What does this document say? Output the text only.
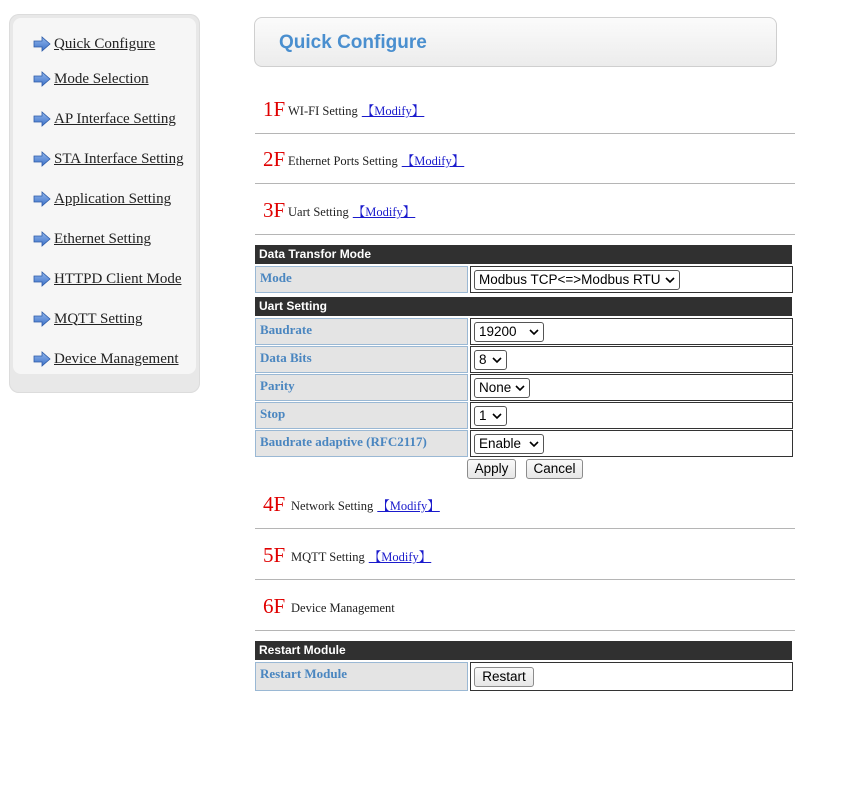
Quick Configure
Mode Selection
AP Interface Setting
STA Interface Setting
Application Setting
Ethernet Setting
HTTPD Client Mode
MQTT Setting
Device Management
Quick Configure
1F WI-FI Setting 【Modify】
2F Ethernet Ports Setting 【Modify】
3F Uart Setting 【Modify】
Data Transfor Mode
Mode	Modbus TCP<=>Modbus RTU
Uart Setting
Baudrate	19200
Data Bits	8
Parity	None
Stop	1
Baudrate adaptive (RFC2117)	Enable
Apply	Cancel
4F Network Setting 【Modify】
5F MQTT Setting 【Modify】
6F Device Management
Restart Module
Restart Module	Restart
